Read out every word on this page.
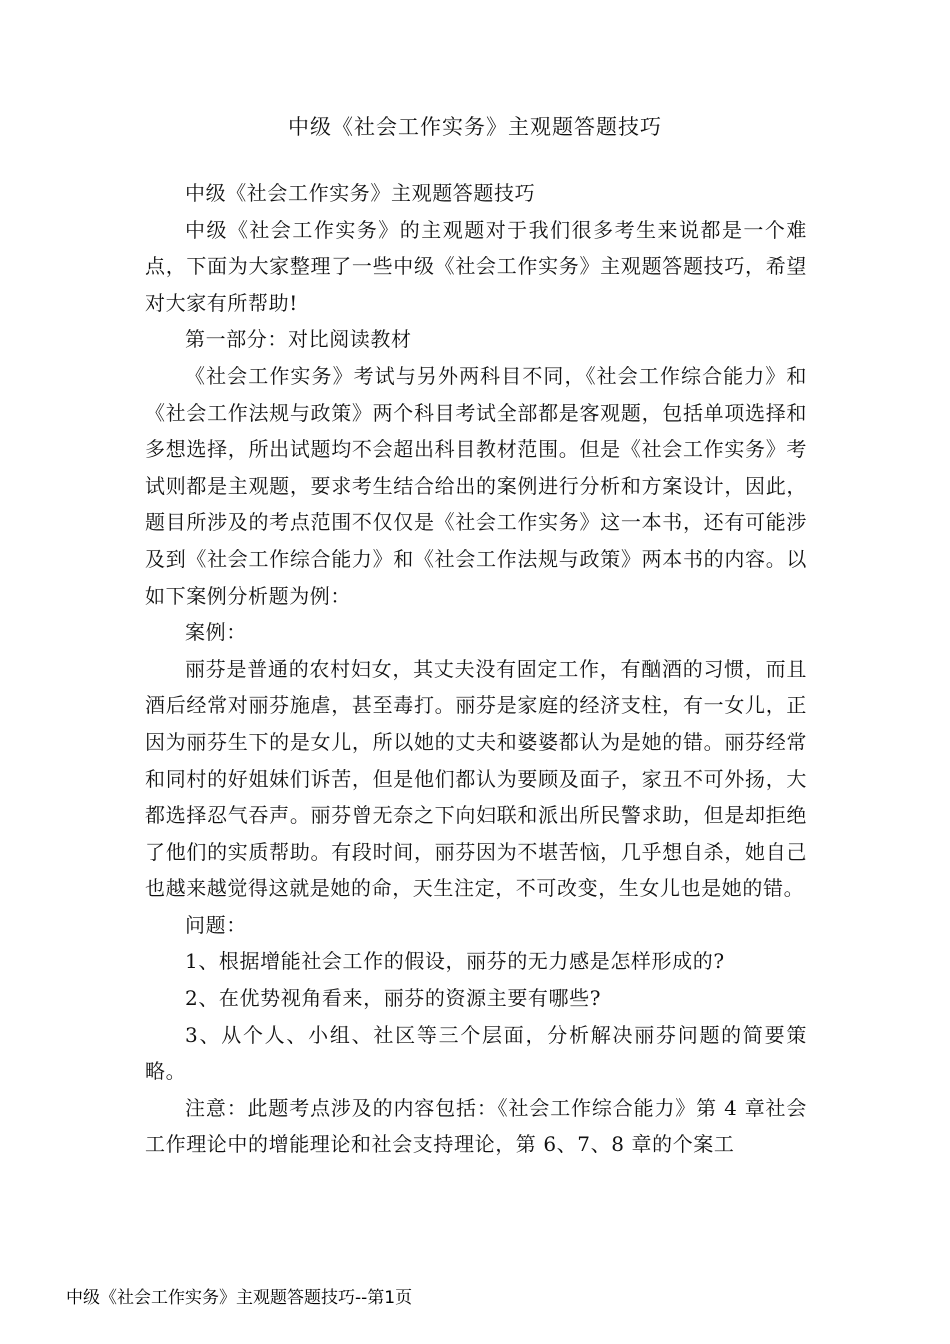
中级《社会工作实务》主观题答题技巧

中级《社会工作实务》主观题答题技巧

中级《社会工作实务》的主观题对于我们很多考生来说都是一个难点，下面为大家整理了一些中级《社会工作实务》主观题答题技巧，希望对大家有所帮助!

第一部分：对比阅读教材

《社会工作实务》考试与另外两科目不同，《社会工作综合能力》和《社会工作法规与政策》两个科目考试全部都是客观题，包括单项选择和多想选择，所出试题均不会超出科目教材范围。但是《社会工作实务》考试则都是主观题，要求考生结合给出的案例进行分析和方案设计，因此，题目所涉及的考点范围不仅仅是《社会工作实务》这一本书，还有可能涉及到《社会工作综合能力》和《社会工作法规与政策》两本书的内容。以如下案例分析题为例：

案例：

丽芬是普通的农村妇女，其丈夫没有固定工作，有酗酒的习惯，而且酒后经常对丽芬施虐，甚至毒打。丽芬是家庭的经济支柱，有一女儿，正因为丽芬生下的是女儿，所以她的丈夫和婆婆都认为是她的错。丽芬经常和同村的好姐妹们诉苦，但是他们都认为要顾及面子，家丑不可外扬，大都选择忍气吞声。丽芬曾无奈之下向妇联和派出所民警求助，但是却拒绝了他们的实质帮助。有段时间，丽芬因为不堪苦恼，几乎想自杀，她自己也越来越觉得这就是她的命，天生注定，不可改变，生女儿也是她的错。

问题：

1、根据增能社会工作的假设，丽芬的无力感是怎样形成的?

2、在优势视角看来，丽芬的资源主要有哪些?

3、从个人、小组、社区等三个层面，分析解决丽芬问题的简要策略。

注意：此题考点涉及的内容包括：《社会工作综合能力》第 4 章社会工作理论中的增能理论和社会支持理论，第 6、7、8 章的个案工

中级《社会工作实务》主观题答题技巧--第1页
